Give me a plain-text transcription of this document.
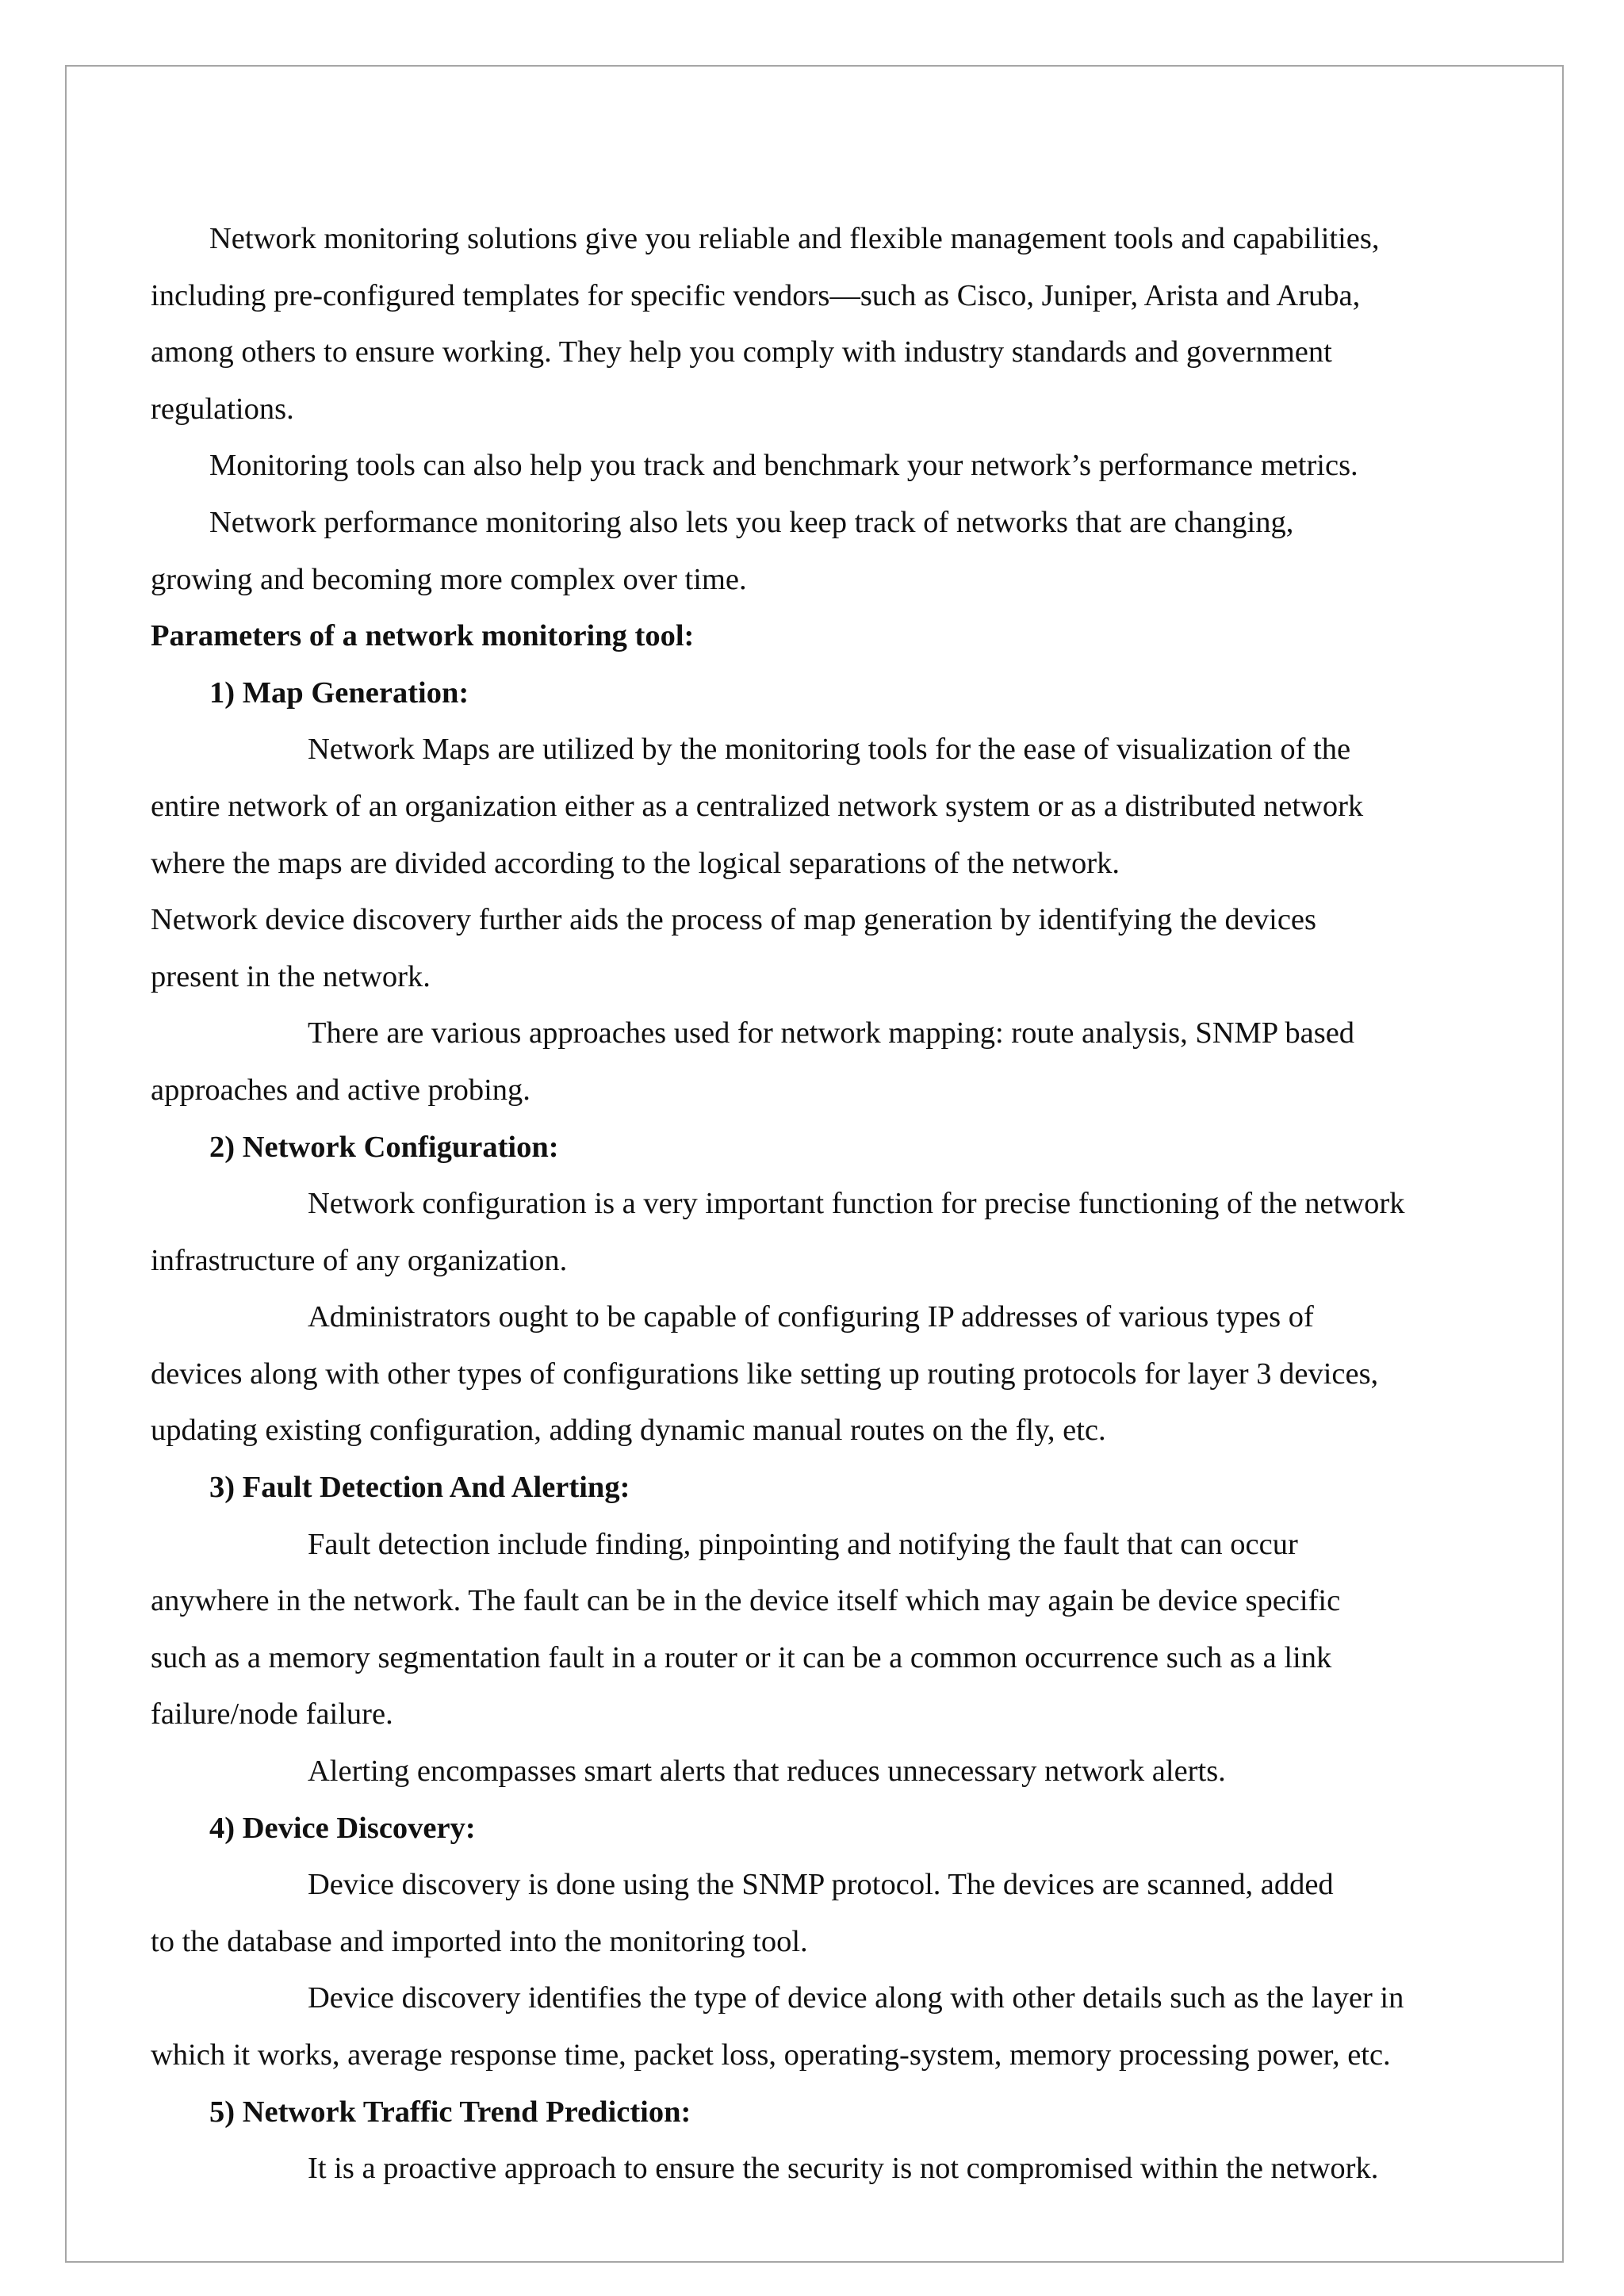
Network monitoring solutions give you reliable and flexible management tools and capabilities,
including pre-configured templates for specific vendors—such as Cisco, Juniper, Arista and Aruba,
among others to ensure working. They help you comply with industry standards and government
regulations.
Monitoring tools can also help you track and benchmark your network’s performance metrics.
Network performance monitoring also lets you keep track of networks that are changing,
growing and becoming more complex over time.
Parameters of a network monitoring tool:
1) Map Generation:
Network Maps are utilized by the monitoring tools for the ease of visualization of the
entire network of an organization either as a centralized network system or as a distributed network
where the maps are divided according to the logical separations of the network.
Network device discovery further aids the process of map generation by identifying the devices
present in the network.
There are various approaches used for network mapping: route analysis, SNMP based
approaches and active probing.
2) Network Configuration:
Network configuration is a very important function for precise functioning of the network
infrastructure of any organization.
Administrators ought to be capable of configuring IP addresses of various types of
devices along with other types of configurations like setting up routing protocols for layer 3 devices,
updating existing configuration, adding dynamic manual routes on the fly, etc.
3) Fault Detection And Alerting:
Fault detection include finding, pinpointing and notifying the fault that can occur
anywhere in the network. The fault can be in the device itself which may again be device specific
such as a memory segmentation fault in a router or it can be a common occurrence such as a link
failure/node failure.
Alerting encompasses smart alerts that reduces unnecessary network alerts.
4) Device Discovery:
Device discovery is done using the SNMP protocol. The devices are scanned, added
to the database and imported into the monitoring tool.
Device discovery identifies the type of device along with other details such as the layer in
which it works, average response time, packet loss, operating-system, memory processing power, etc.
5) Network Traffic Trend Prediction:
It is a proactive approach to ensure the security is not compromised within the network.
